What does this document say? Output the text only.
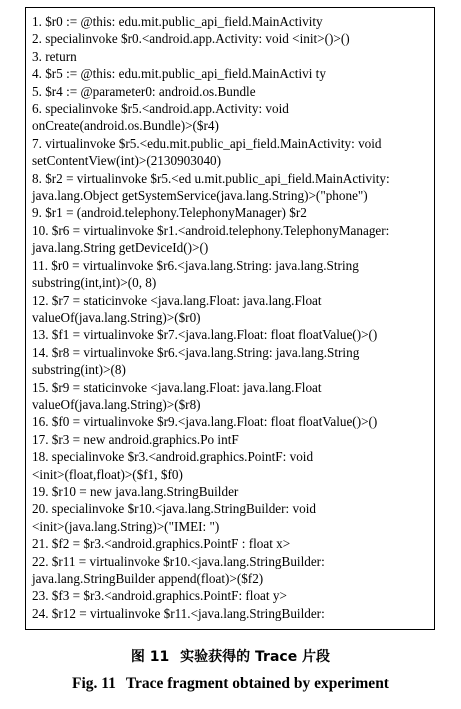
1. $r0 := @this: edu.mit.public_api_field.MainActivity
2. specialinvoke $r0.<android.app.Activity: void <init>()>()
3. return
4. $r5 := @this: edu.mit.public_api_field.MainActivi ty
5. $r4 := @parameter0: android.os.Bundle
6. specialinvoke $r5.<android.app.Activity: void
onCreate(android.os.Bundle)>($r4)
7. virtualinvoke $r5.<edu.mit.public_api_field.MainActivity: void
setContentView(int)>(2130903040)
8. $r2 = virtualinvoke $r5.<ed u.mit.public_api_field.MainActivity:
java.lang.Object getSystemService(java.lang.String)>("phone")
9. $r1 = (android.telephony.TelephonyManager) $r2
10. $r6 = virtualinvoke $r1.<android.telephony.TelephonyManager:
java.lang.String getDeviceId()>()
11. $r0 = virtualinvoke $r6.<java.lang.String: java.lang.String
substring(int,int)>(0, 8)
12. $r7 = staticinvoke <java.lang.Float: java.lang.Float
valueOf(java.lang.String)>($r0)
13. $f1 = virtualinvoke $r7.<java.lang.Float: float floatValue()>()
14. $r8 = virtualinvoke $r6.<java.lang.String: java.lang.String
substring(int)>(8)
15. $r9 = staticinvoke <java.lang.Float: java.lang.Float
valueOf(java.lang.String)>($r8)
16. $f0 = virtualinvoke $r9.<java.lang.Float: float floatValue()>()
17. $r3 = new android.graphics.Po intF
18. specialinvoke $r3.<android.graphics.PointF: void
<init>(float,float)>($f1, $f0)
19. $r10 = new java.lang.StringBuilder
20. specialinvoke $r10.<java.lang.StringBuilder: void
<init>(java.lang.String)>("IMEI: ")
21. $f2 = $r3.<android.graphics.PointF : float x>
22. $r11 = virtualinvoke $r10.<java.lang.StringBuilder:
java.lang.StringBuilder append(float)>($f2)
23. $f3 = $r3.<android.graphics.PointF: float y>
24. $r12 = virtualinvoke $r11.<java.lang.StringBuilder:
图 11 实验获得的 Trace 片段
Fig. 11 Trace fragment obtained by experiment
